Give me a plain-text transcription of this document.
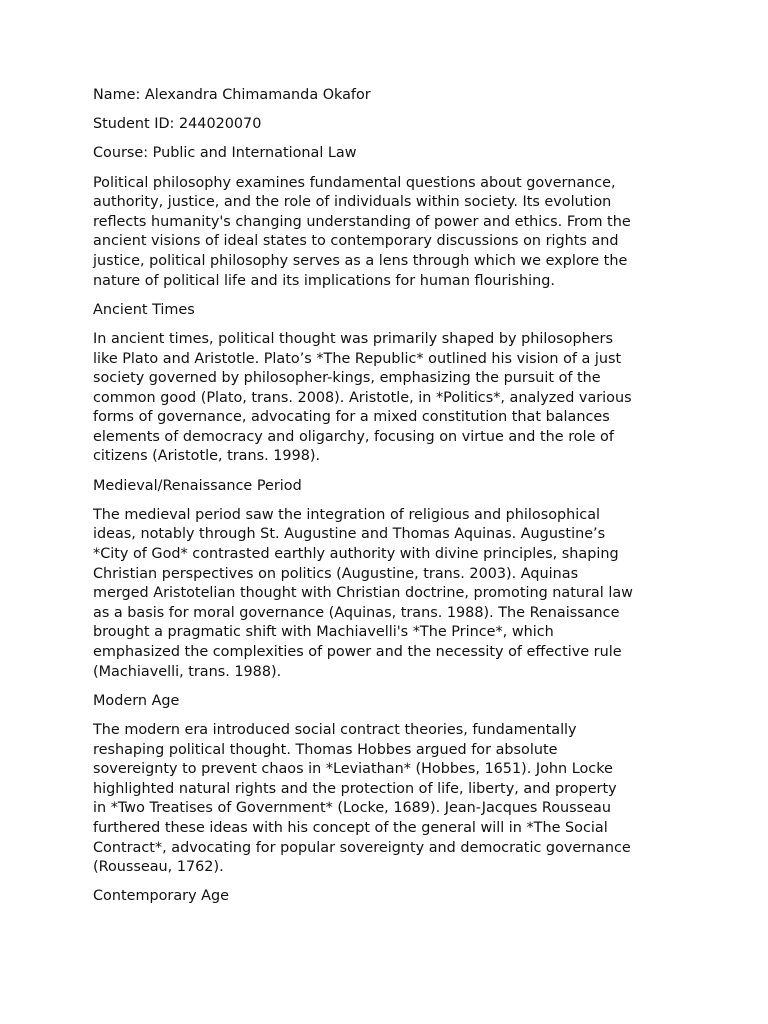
Name: Alexandra Chimamanda Okafor
Student ID: 244020070
Course: Public and International Law
Political philosophy examines fundamental questions about governance,
authority, justice, and the role of individuals within society. Its evolution
reflects humanity's changing understanding of power and ethics. From the
ancient visions of ideal states to contemporary discussions on rights and
justice, political philosophy serves as a lens through which we explore the
nature of political life and its implications for human flourishing.
Ancient Times
In ancient times, political thought was primarily shaped by philosophers
like Plato and Aristotle. Plato’s *The Republic* outlined his vision of a just
society governed by philosopher-kings, emphasizing the pursuit of the
common good (Plato, trans. 2008). Aristotle, in *Politics*, analyzed various
forms of governance, advocating for a mixed constitution that balances
elements of democracy and oligarchy, focusing on virtue and the role of
citizens (Aristotle, trans. 1998).
Medieval/Renaissance Period
The medieval period saw the integration of religious and philosophical
ideas, notably through St. Augustine and Thomas Aquinas. Augustine’s
*City of God* contrasted earthly authority with divine principles, shaping
Christian perspectives on politics (Augustine, trans. 2003). Aquinas
merged Aristotelian thought with Christian doctrine, promoting natural law
as a basis for moral governance (Aquinas, trans. 1988). The Renaissance
brought a pragmatic shift with Machiavelli's *The Prince*, which
emphasized the complexities of power and the necessity of effective rule
(Machiavelli, trans. 1988).
Modern Age
The modern era introduced social contract theories, fundamentally
reshaping political thought. Thomas Hobbes argued for absolute
sovereignty to prevent chaos in *Leviathan* (Hobbes, 1651). John Locke
highlighted natural rights and the protection of life, liberty, and property
in *Two Treatises of Government* (Locke, 1689). Jean-Jacques Rousseau
furthered these ideas with his concept of the general will in *The Social
Contract*, advocating for popular sovereignty and democratic governance
(Rousseau, 1762).
Contemporary Age
